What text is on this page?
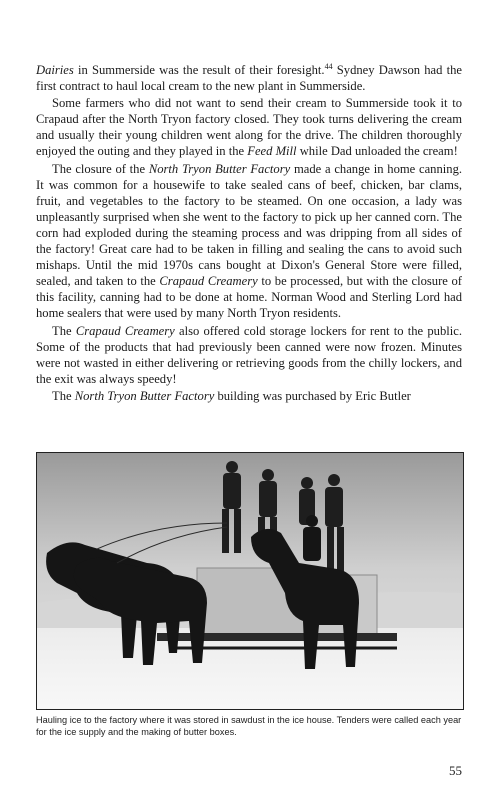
Dairies in Summerside was the result of their foresight.$^{44}$ Sydney Dawson had the first contract to haul local cream to the new plant in Summerside.

Some farmers who did not want to send their cream to Summerside took it to Crapaud after the North Tryon factory closed. They took turns delivering the cream and usually their young children went along for the drive. The children thoroughly enjoyed the outing and they played in the Feed Mill while Dad unloaded the cream!

The closure of the North Tryon Butter Factory made a change in home canning. It was common for a housewife to take sealed cans of beef, chicken, bar clams, fruit, and vegetables to the factory to be steamed. On one occasion, a lady was unpleasantly surprised when she went to the factory to pick up her canned corn. The corn had exploded during the steaming process and was dripping from all sides of the factory! Great care had to be taken in filling and sealing the cans to avoid such mishaps. Until the mid 1970s cans bought at Dixon's General Store were filled, sealed, and taken to the Crapaud Creamery to be processed, but with the closure of this facility, canning had to be done at home. Norman Wood and Sterling Lord had home sealers that were used by many North Tryon residents.

The Crapaud Creamery also offered cold storage lockers for rent to the public. Some of the products that had previously been canned were now frozen. Minutes were not wasted in either delivering or retrieving goods from the chilly lockers, and the exit was always speedy!

The North Tryon Butter Factory building was purchased by Eric Butler

Hauling ice to the factory where it was stored in sawdust in the ice house. Tenders were called each year for the ice supply and the making of butter boxes.
55
